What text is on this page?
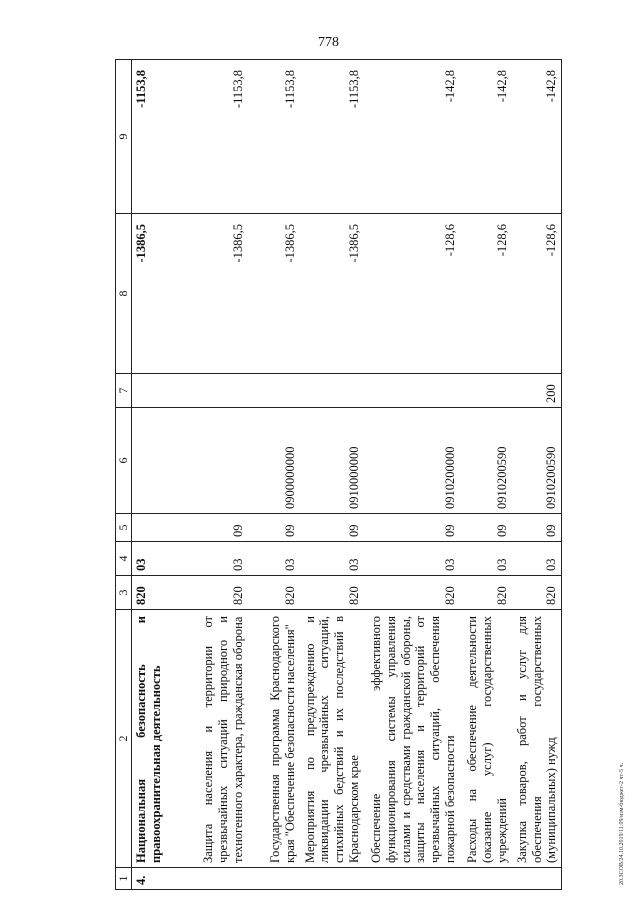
778
20.3СОВ/24.10.2019/11.09/изм-бюджет-2 чт-5 ч.
1	2	3	4	5	6	7	8	9
4.	Национальная безопасность и правоохранительная деятельность	820	03				-1386,5	-1153,8
	Защита населения и территории от чрезвычайных ситуаций природного и техногенного характера, гражданская оборона	820	03	09			-1386,5	-1153,8
	Государственная программа Краснодарского края "Обеспечение безопасности населения"	820	03	09	0900000000		-1386,5	-1153,8
	Мероприятия по предупреждению и ликвидации чрезвычайных ситуаций, стихийных бедствий и их последствий в Краснодарском крае	820	03	09	0910000000		-1386,5	-1153,8
	Обеспечение эффективного функционирования системы управления силами и средствами гражданской обороны, защиты населения и территорий от чрезвычайных ситуаций, обеспечения пожарной безопасности	820	03	09	0910200000		-128,6	-142,8
	Расходы на обеспечение деятельности (оказание услуг) государственных учреждений	820	03	09	0910200590		-128,6	-142,8
	Закупка товаров, работ и услуг для обеспечения государственных (муниципальных) нужд	820	03	09	0910200590	200	-128,6	-142,8
